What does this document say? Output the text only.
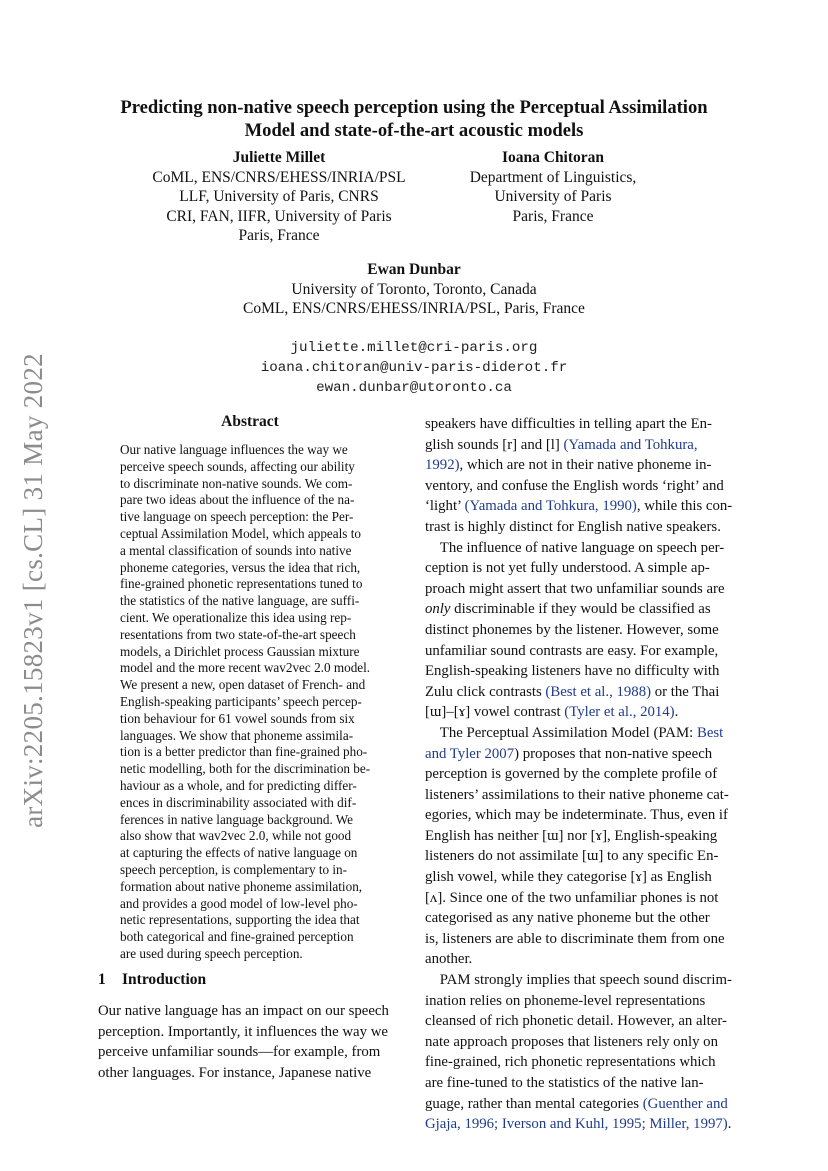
arXiv:2205.15823v1 [cs.CL] 31 May 2022
Predicting non-native speech perception using the Perceptual Assimilation
Model and state-of-the-art acoustic models
Juliette Millet
CoML, ENS/CNRS/EHESS/INRIA/PSL
LLF, University of Paris, CNRS
CRI, FAN, IIFR, University of Paris
Paris, France
Ioana Chitoran
Department of Linguistics,
University of Paris
Paris, France
Ewan Dunbar
University of Toronto, Toronto, Canada
CoML, ENS/CNRS/EHESS/INRIA/PSL, Paris, France
juliette.millet@cri-paris.org
ioana.chitoran@univ-paris-diderot.fr
ewan.dunbar@utoronto.ca
Abstract
Our native language influences the way we
perceive speech sounds, affecting our ability
to discriminate non-native sounds. We com-
pare two ideas about the influence of the na-
tive language on speech perception: the Per-
ceptual Assimilation Model, which appeals to
a mental classification of sounds into native
phoneme categories, versus the idea that rich,
fine-grained phonetic representations tuned to
the statistics of the native language, are suffi-
cient. We operationalize this idea using rep-
resentations from two state-of-the-art speech
models, a Dirichlet process Gaussian mixture
model and the more recent wav2vec 2.0 model.
We present a new, open dataset of French- and
English-speaking participants’ speech percep-
tion behaviour for 61 vowel sounds from six
languages. We show that phoneme assimila-
tion is a better predictor than fine-grained pho-
netic modelling, both for the discrimination be-
haviour as a whole, and for predicting differ-
ences in discriminability associated with dif-
ferences in native language background. We
also show that wav2vec 2.0, while not good
at capturing the effects of native language on
speech perception, is complementary to in-
formation about native phoneme assimilation,
and provides a good model of low-level pho-
netic representations, supporting the idea that
both categorical and fine-grained perception
are used during speech perception.
1 Introduction
Our native language has an impact on our speech
perception. Importantly, it influences the way we
perceive unfamiliar sounds—for example, from
other languages. For instance, Japanese native
speakers have difficulties in telling apart the En-
glish sounds [r] and [l] (Yamada and Tohkura,
1992), which are not in their native phoneme in-
ventory, and confuse the English words ‘right’ and
‘light’ (Yamada and Tohkura, 1990), while this con-
trast is highly distinct for English native speakers.
 The influence of native language on speech per-
ception is not yet fully understood. A simple ap-
proach might assert that two unfamiliar sounds are
only discriminable if they would be classified as
distinct phonemes by the listener. However, some
unfamiliar sound contrasts are easy. For example,
English-speaking listeners have no difficulty with
Zulu click contrasts (Best et al., 1988) or the Thai
[ɯ]–[ɤ] vowel contrast (Tyler et al., 2014).
 The Perceptual Assimilation Model (PAM: Best
and Tyler 2007) proposes that non-native speech
perception is governed by the complete profile of
listeners’ assimilations to their native phoneme cat-
egories, which may be indeterminate. Thus, even if
English has neither [ɯ] nor [ɤ], English-speaking
listeners do not assimilate [ɯ] to any specific En-
glish vowel, while they categorise [ɤ] as English
[ʌ]. Since one of the two unfamiliar phones is not
categorised as any native phoneme but the other
is, listeners are able to discriminate them from one
another.
 PAM strongly implies that speech sound discrim-
ination relies on phoneme-level representations
cleansed of rich phonetic detail. However, an alter-
nate approach proposes that listeners rely only on
fine-grained, rich phonetic representations which
are fine-tuned to the statistics of the native lan-
guage, rather than mental categories (Guenther and
Gjaja, 1996; Iverson and Kuhl, 1995; Miller, 1997).
